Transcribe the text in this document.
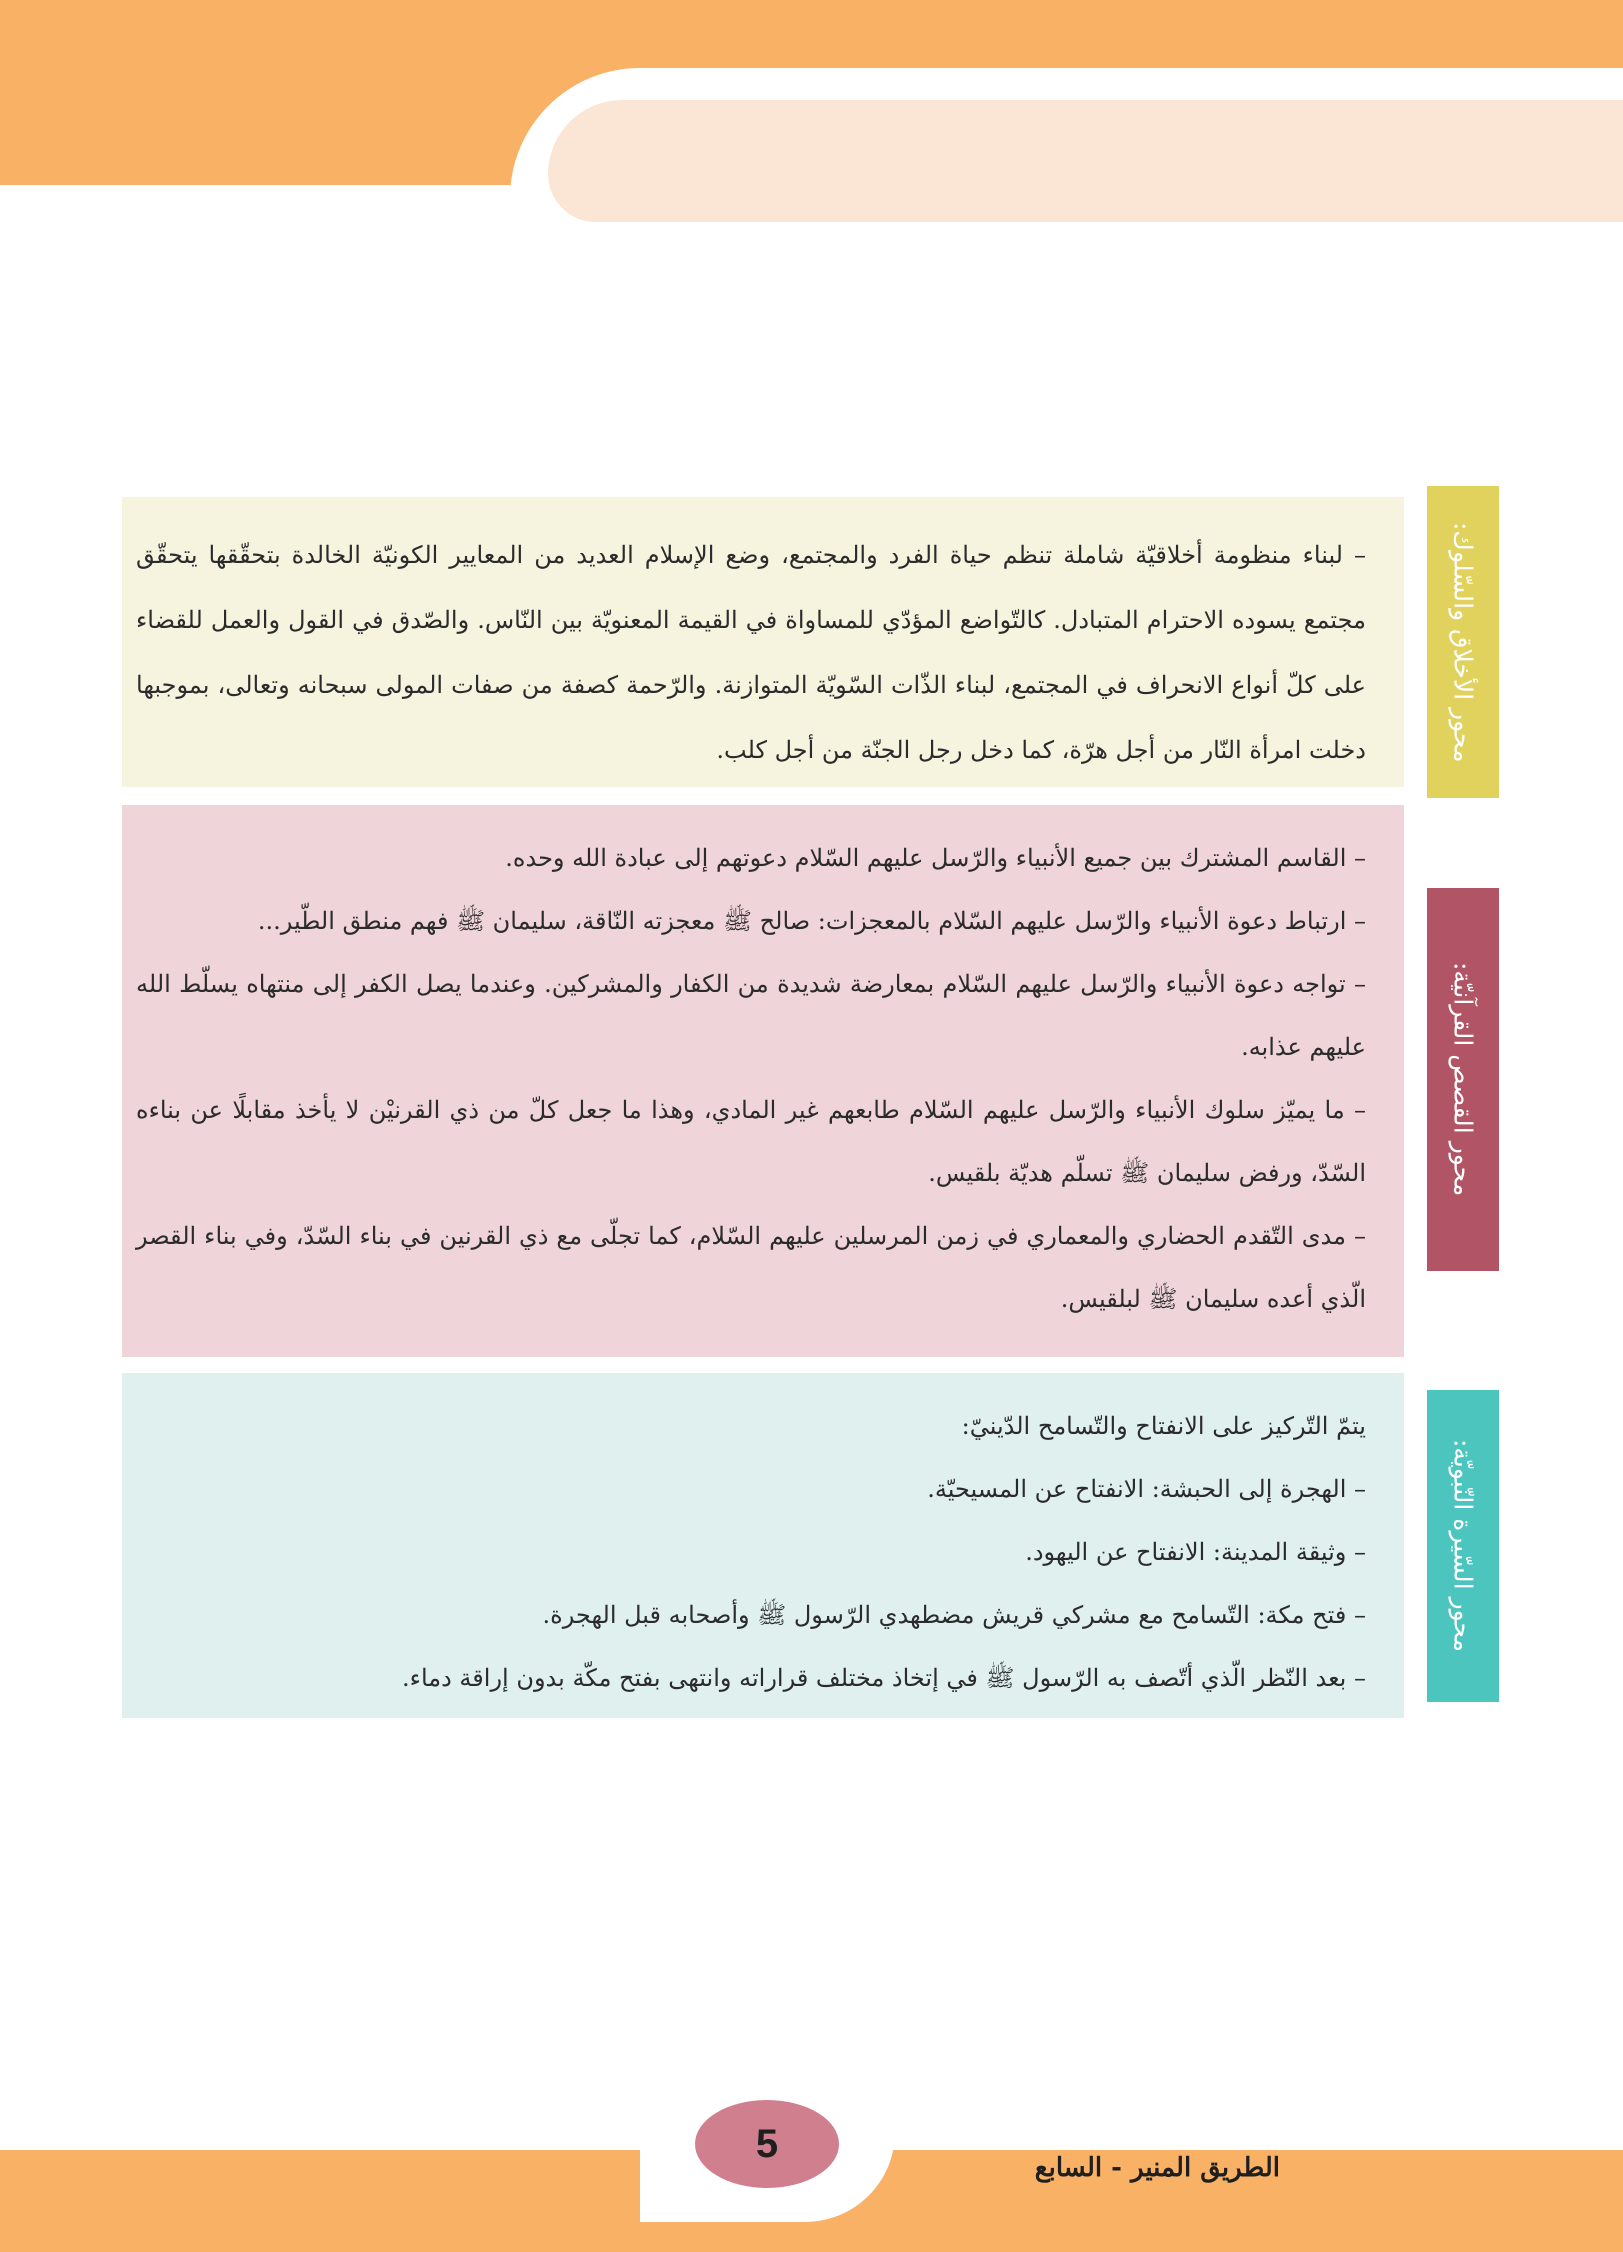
– لبناء منظومة أخلاقيّة شاملة تنظم حياة الفرد والمجتمع، وضع الإسلام العديد من المعايير الكونيّة الخالدة بتحقّقها يتحقّق مجتمع يسوده الاحترام المتبادل. كالتّواضع المؤدّي للمساواة في القيمة المعنويّة بين النّاس. والصّدق في القول والعمل للقضاء على كلّ أنواع الانحراف في المجتمع، لبناء الذّات السّويّة المتوازنة. والرّحمة كصفة من صفات المولى سبحانه وتعالى، بموجبها دخلت امرأة النّار من أجل هرّة، كما دخل رجل الجنّة من أجل كلب.	محور الأخلاق والسّلوك:

– القاسم المشترك بين جميع الأنبياء والرّسل عليهم السّلام دعوتهم إلى عبادة الله وحده.

– ارتباط دعوة الأنبياء والرّسل عليهم السّلام بالمعجزات: صالح ﷺ معجزته النّاقة، سليمان ﷺ فهم منطق الطّير...

– تواجه دعوة الأنبياء والرّسل عليهم السّلام بمعارضة شديدة من الكفار والمشركين. وعندما يصل الكفر إلى منتهاه يسلّط الله عليهم عذابه.

– ما يميّز سلوك الأنبياء والرّسل عليهم السّلام طابعهم غير المادي، وهذا ما جعل كلّ من ذي القرنيْن لا يأخذ مقابلًا عن بناءه السّدّ، ورفض سليمان ﷺ تسلّم هديّة بلقيس.

– مدى التّقدم الحضاري والمعماري في زمن المرسلين عليهم السّلام، كما تجلّى مع ذي القرنين في بناء السّدّ، وفي بناء القصر الّذي أعده سليمان ﷺ لبلقيس.

محور القصص القرآنيّة:

يتمّ التّركيز على الانفتاح والتّسامح الدّينيّ:

– الهجرة إلى الحبشة: الانفتاح عن المسيحيّة.

– وثيقة المدينة: الانفتاح عن اليهود.

– فتح مكة: التّسامح مع مشركي قريش مضطهدي الرّسول ﷺ وأصحابه قبل الهجرة.

– بعد النّظر الّذي أتّصف به الرّسول ﷺ في إتخاذ مختلف قراراته وانتهى بفتح مكّة بدون إراقة دماء.

محور السّيرة النّبويّة:
5
الطريق المنير - السابع
